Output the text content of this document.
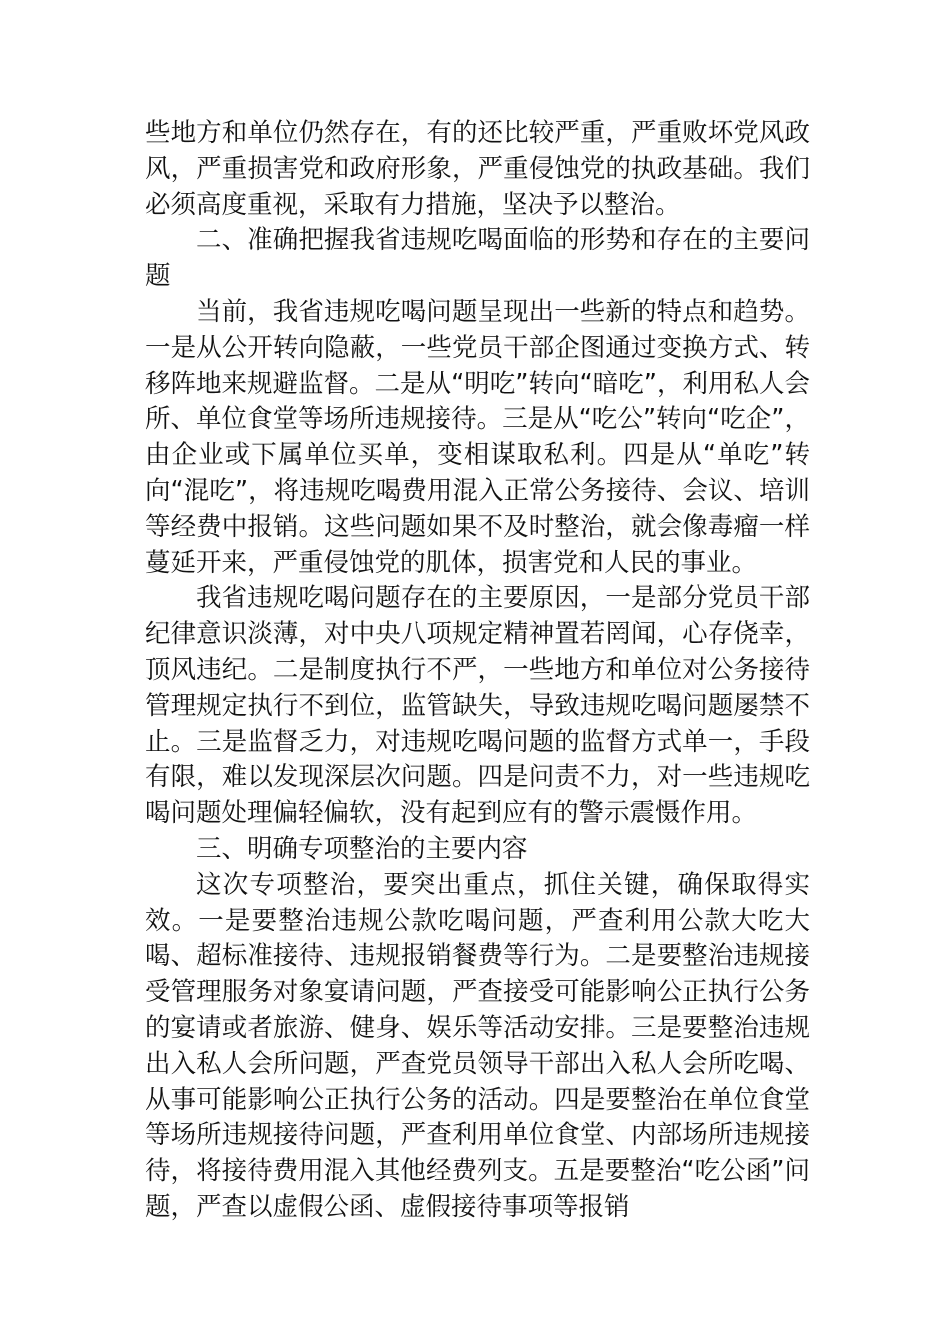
些地方和单位仍然存在，有的还比较严重，严重败坏党风政风，严重损害党和政府形象，严重侵蚀党的执政基础。我们必须高度重视，采取有力措施，坚决予以整治。

二、准确把握我省违规吃喝面临的形势和存在的主要问题

当前，我省违规吃喝问题呈现出一些新的特点和趋势。一是从公开转向隐蔽，一些党员干部企图通过变换方式、转移阵地来规避监督。二是从“明吃”转向“暗吃”，利用私人会所、单位食堂等场所违规接待。三是从“吃公”转向“吃企”，由企业或下属单位买单，变相谋取私利。四是从“单吃”转向“混吃”，将违规吃喝费用混入正常公务接待、会议、培训等经费中报销。这些问题如果不及时整治，就会像毒瘤一样蔓延开来，严重侵蚀党的肌体，损害党和人民的事业。

我省违规吃喝问题存在的主要原因，一是部分党员干部纪律意识淡薄，对中央八项规定精神置若罔闻，心存侥幸，顶风违纪。二是制度执行不严，一些地方和单位对公务接待管理规定执行不到位，监管缺失，导致违规吃喝问题屡禁不止。三是监督乏力，对违规吃喝问题的监督方式单一，手段有限，难以发现深层次问题。四是问责不力，对一些违规吃喝问题处理偏轻偏软，没有起到应有的警示震慑作用。

三、明确专项整治的主要内容

这次专项整治，要突出重点，抓住关键，确保取得实效。一是要整治违规公款吃喝问题，严查利用公款大吃大喝、超标准接待、违规报销餐费等行为。二是要整治违规接受管理服务对象宴请问题，严查接受可能影响公正执行公务的宴请或者旅游、健身、娱乐等活动安排。三是要整治违规出入私人会所问题，严查党员领导干部出入私人会所吃喝、从事可能影响公正执行公务的活动。四是要整治在单位食堂等场所违规接待问题，严查利用单位食堂、内部场所违规接待，将接待费用混入其他经费列支。五是要整治“吃公函”问题，严查以虚假公函、虚假接待事项等报销
